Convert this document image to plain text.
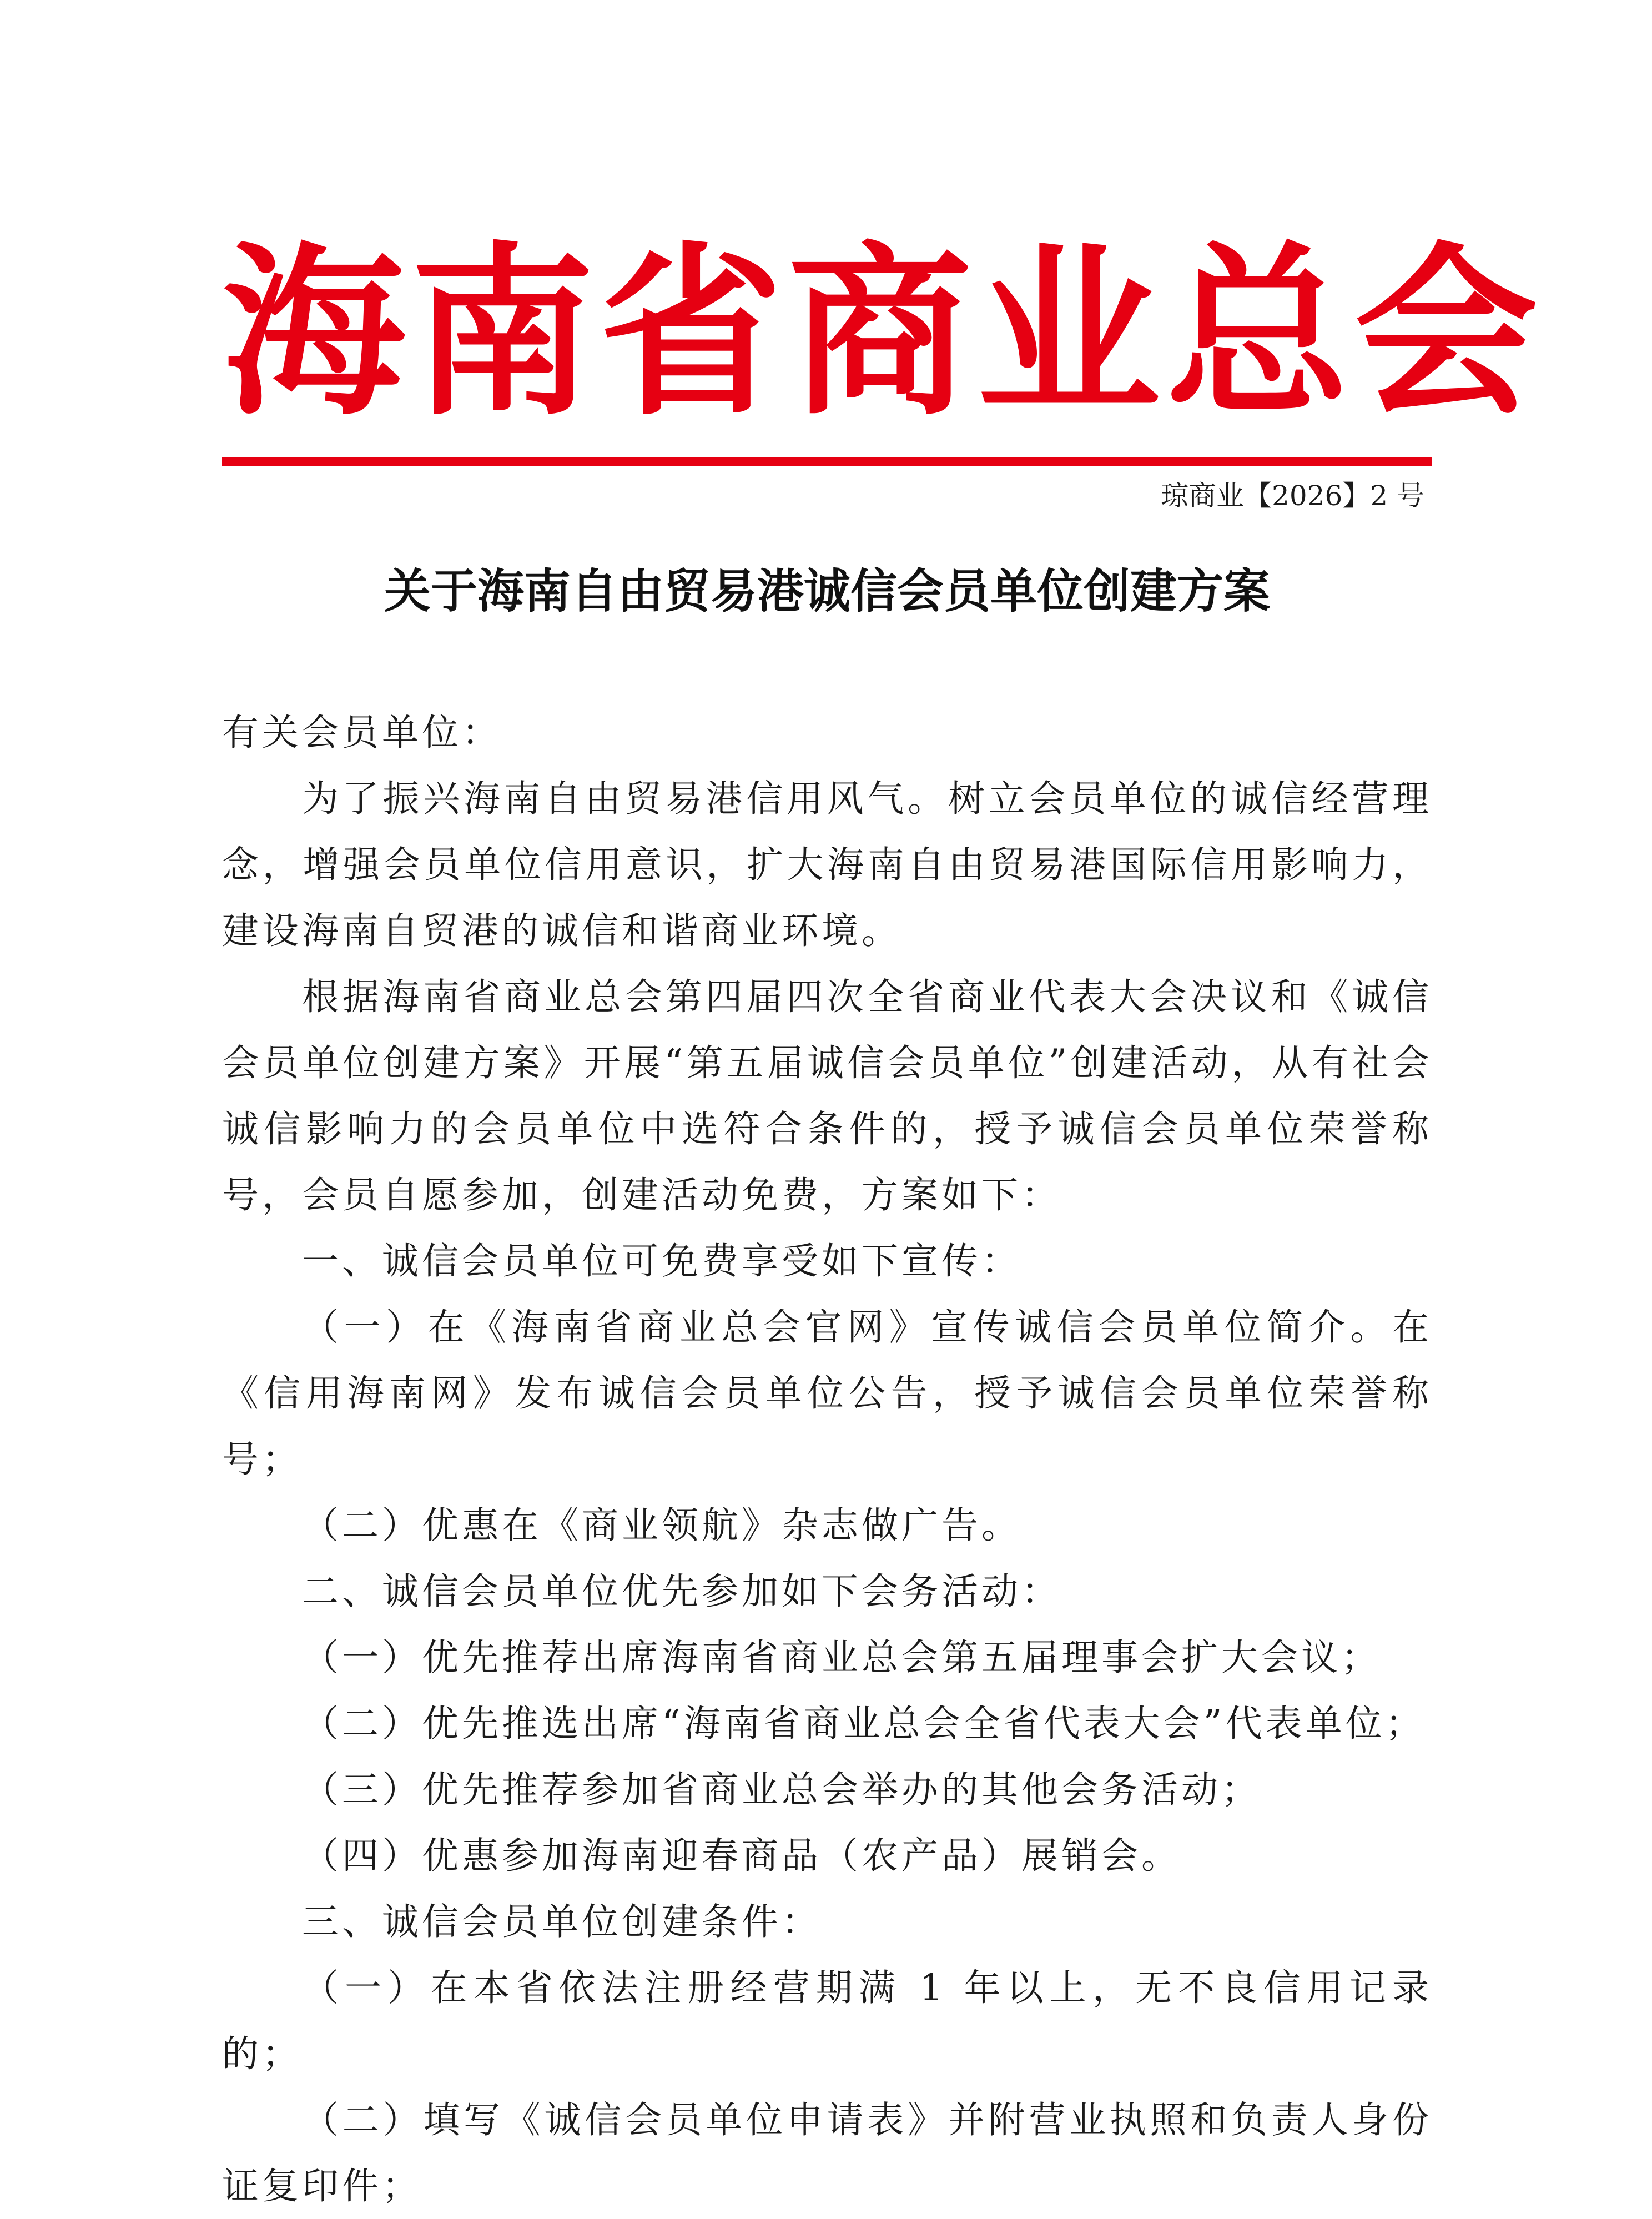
海南省商业总会
琼商业【2026】2 号
关于海南自由贸易港诚信会员单位创建方案

有关会员单位：

为了振兴海南自由贸易港信用风气。树立会员单位的诚信经营理念，增强会员单位信用意识，扩大海南自由贸易港国际信用影响力，建设海南自贸港的诚信和谐商业环境。

根据海南省商业总会第四届四次全省商业代表大会决议和《诚信会员单位创建方案》开展“第五届诚信会员单位”创建活动，从有社会诚信影响力的会员单位中选符合条件的，授予诚信会员单位荣誉称号，会员自愿参加，创建活动免费，方案如下：

一、诚信会员单位可免费享受如下宣传：

（一）在《海南省商业总会官网》宣传诚信会员单位简介。在《信用海南网》发布诚信会员单位公告，授予诚信会员单位荣誉称号；

（二）优惠在《商业领航》杂志做广告。

二、诚信会员单位优先参加如下会务活动：

（一）优先推荐出席海南省商业总会第五届理事会扩大会议；

（二）优先推选出席“海南省商业总会全省代表大会”代表单位；

（三）优先推荐参加省商业总会举办的其他会务活动；

（四）优惠参加海南迎春商品（农产品）展销会。

三、诚信会员单位创建条件：

（一）在本省依法注册经营期满 1 年以上，无不良信用记录的；

（二）填写《诚信会员单位申请表》并附营业执照和负责人身份证复印件；
